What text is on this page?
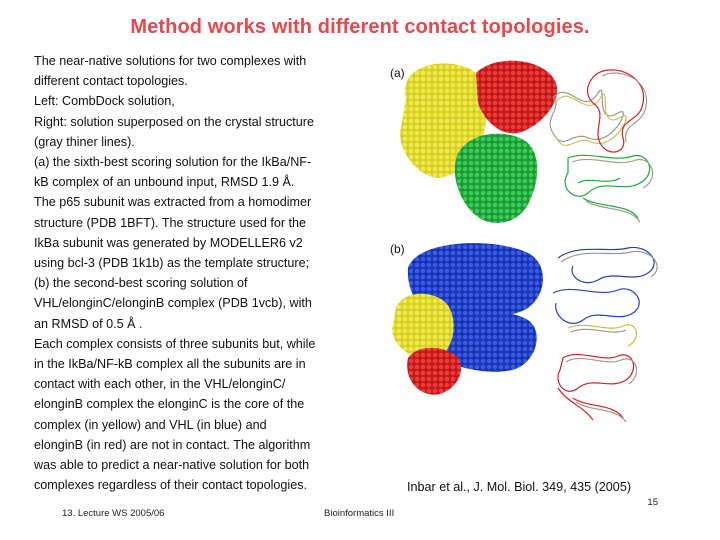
Method works with different contact topologies.
The near-native solutions for two complexes with
different contact topologies.
Left: CombDock solution,
Right: solution superposed on the crystal structure
(gray thiner lines).
(a) the sixth-best scoring solution for the IkBa/NF-
kB complex of an unbound input, RMSD 1.9 Å.
The p65 subunit was extracted from a homodimer
structure (PDB 1BFT). The structure used for the
IkBa subunit was generated by MODELLER6 v2
using bcl-3 (PDB 1k1b) as the template structure;
(b) the second-best scoring solution of
VHL/elonginC/elonginB complex (PDB 1vcb), with
an RMSD of 0.5 Å .
Each complex consists of three subunits but, while
in the IkBa/NF-kB complex all the subunits are in
contact with each other, in the VHL/elonginC/
elonginB complex the elonginC is the core of the
complex (in yellow) and VHL (in blue) and
elonginB (in red) are not in contact. The algorithm
was able to predict a near-native solution for both
complexes regardless of their contact topologies.
(a)
(b)
Inbar et al., J. Mol. Biol. 349, 435 (2005)
15
13. Lecture WS 2005/06	Bioinformatics III
